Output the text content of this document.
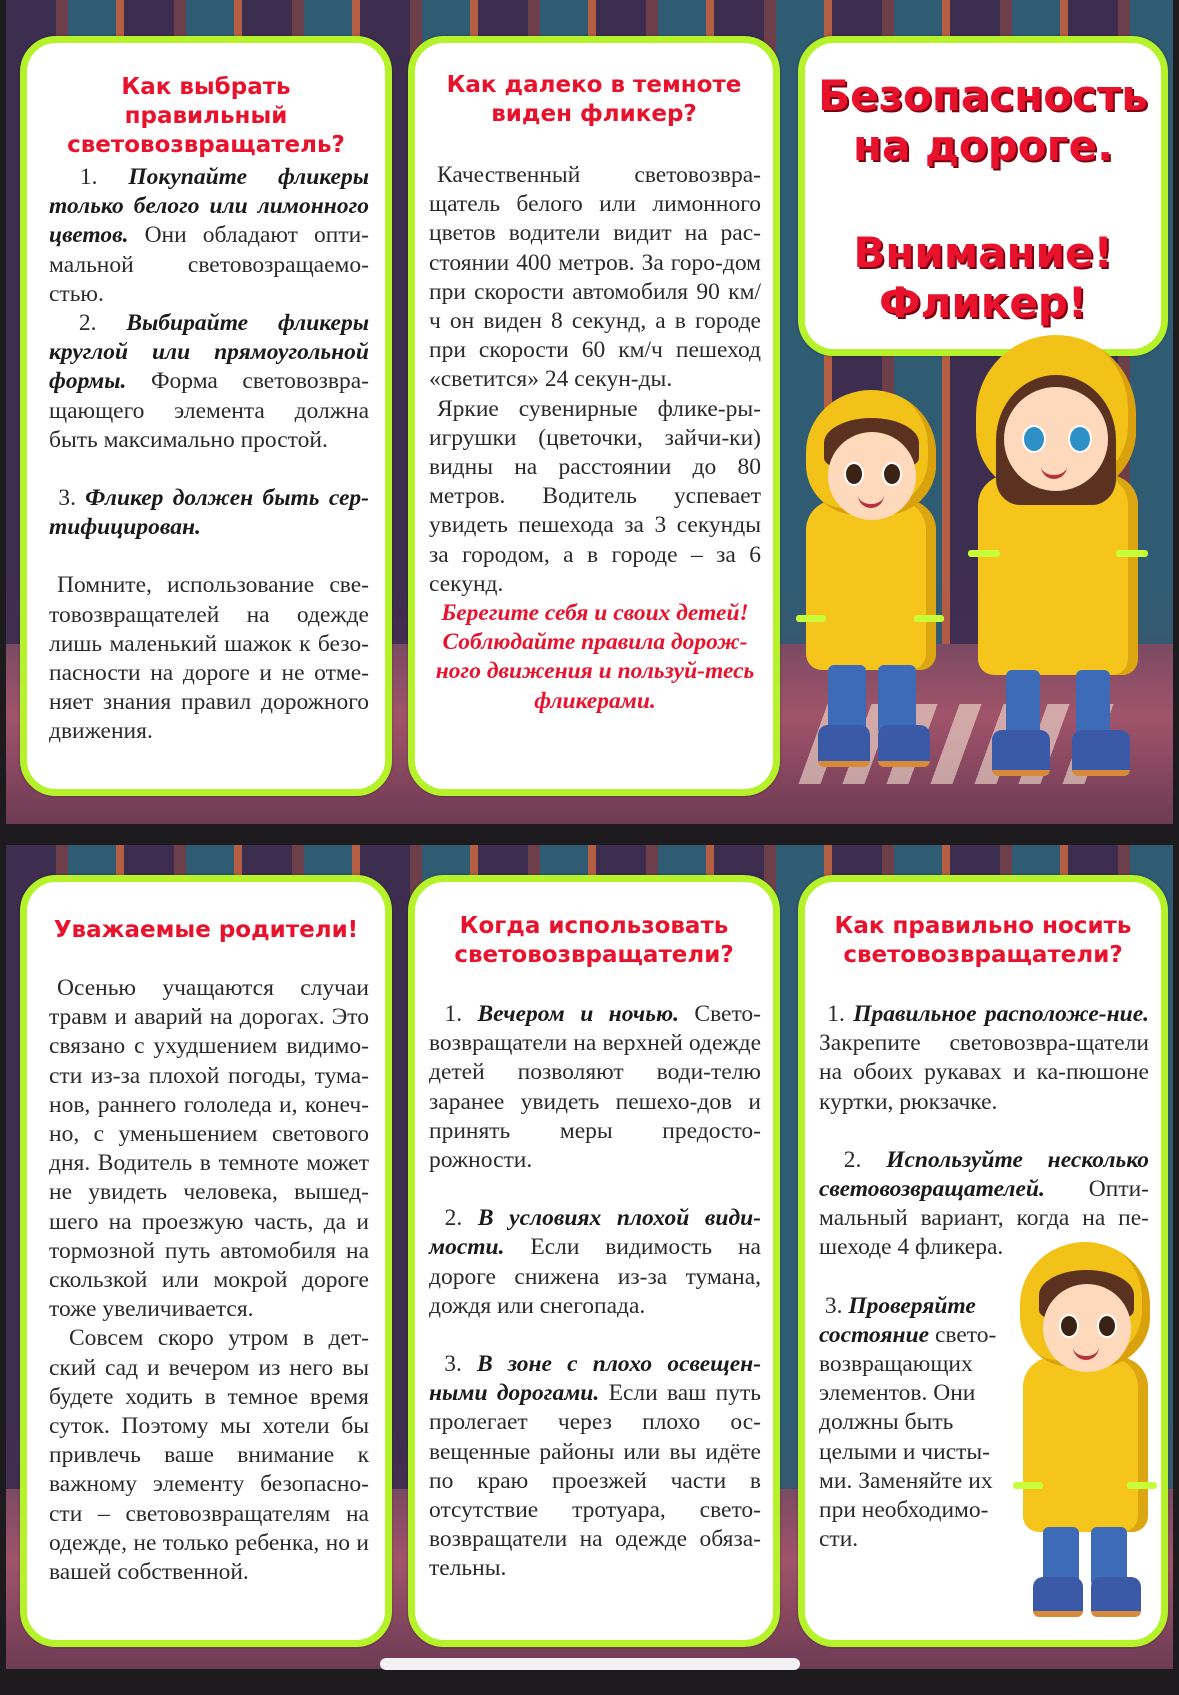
Как выбрать правильный
световозвращатель?

1. Покупайте фликеры только белого или лимонного цветов. Они обладают опти-мальной световозращаемо-стью.

2. Выбирайте фликеры круглой или прямоугольной формы. Форма световозвра-щающего элемента должна быть максимально простой.

3. Фликер должен быть сер-тифицирован.

Помните, использование све-товозвращателей на одежде лишь маленький шажок к безо-пасности на дороге и не отме-няет знания правил дорожного движения.

Как далеко в темноте
виден фликер?

Качественный световозвра-щатель белого или лимонного цветов водители видит на рас-стоянии 400 метров. За горо-дом при скорости автомобиля 90 км/ч он виден 8 секунд, а в городе при скорости 60 км/ч пешеход «светится» 24 секун-ды.

Яркие сувенирные флике-ры-игрушки (цветочки, зайчи-ки) видны на расстоянии до 80 метров. Водитель успевает увидеть пешехода за 3 секунды за городом, а в городе – за 6 секунд.

Берегите себя и своих детей!

Соблюдайте правила дорож-ного движения и пользуй-тесь фликерами.

Безопасность
на дороге.
Внимание!
Фликер!
Уважаемые родители!

Осенью учащаются случаи травм и аварий на дорогах. Это связано с ухудшением видимо-сти из-за плохой погоды, тума-нов, раннего гололеда и, конеч-но, с уменьшением светового дня. Водитель в темноте может не увидеть человека, вышед-шего на проезжую часть, да и тормозной путь автомобиля на скользкой или мокрой дороге тоже увеличивается.

Совсем скоро утром в дет-ский сад и вечером из него вы будете ходить в темное время суток. Поэтому мы хотели бы привлечь ваше внимание к важному элементу безопасно-сти – световозвращателям на одежде, не только ребенка, но и вашей собственной.

Когда использовать
световозвращатели?

1. Вечером и ночью. Свето-возвращатели на верхней одежде детей позволяют води-телю заранее увидеть пешехо-дов и принять меры предосто-рожности.

2. В условиях плохой види-мости. Если видимость на дороге снижена из-за тумана, дождя или снегопада.

3. В зоне с плохо освещен-ными дорогами. Если ваш путь пролегает через плохо ос-вещенные районы или вы идёте по краю проезжей части в отсутствие тротуара, свето-возвращатели на одежде обяза-тельны.

Как правильно носить
световозвращатели?

1. Правильное расположе-ние. Закрепите световозвра-щатели на обоих рукавах и ка-пюшоне куртки, рюкзачке.

2. Используйте несколько световозвращателей. Опти-мальный вариант, когда на пе-шеходе 4 фликера.

3. Проверяйте состояние свето-возвращающих элементов. Они должны быть целыми и чисты-ми. Заменяйте их при необходимо-сти.
